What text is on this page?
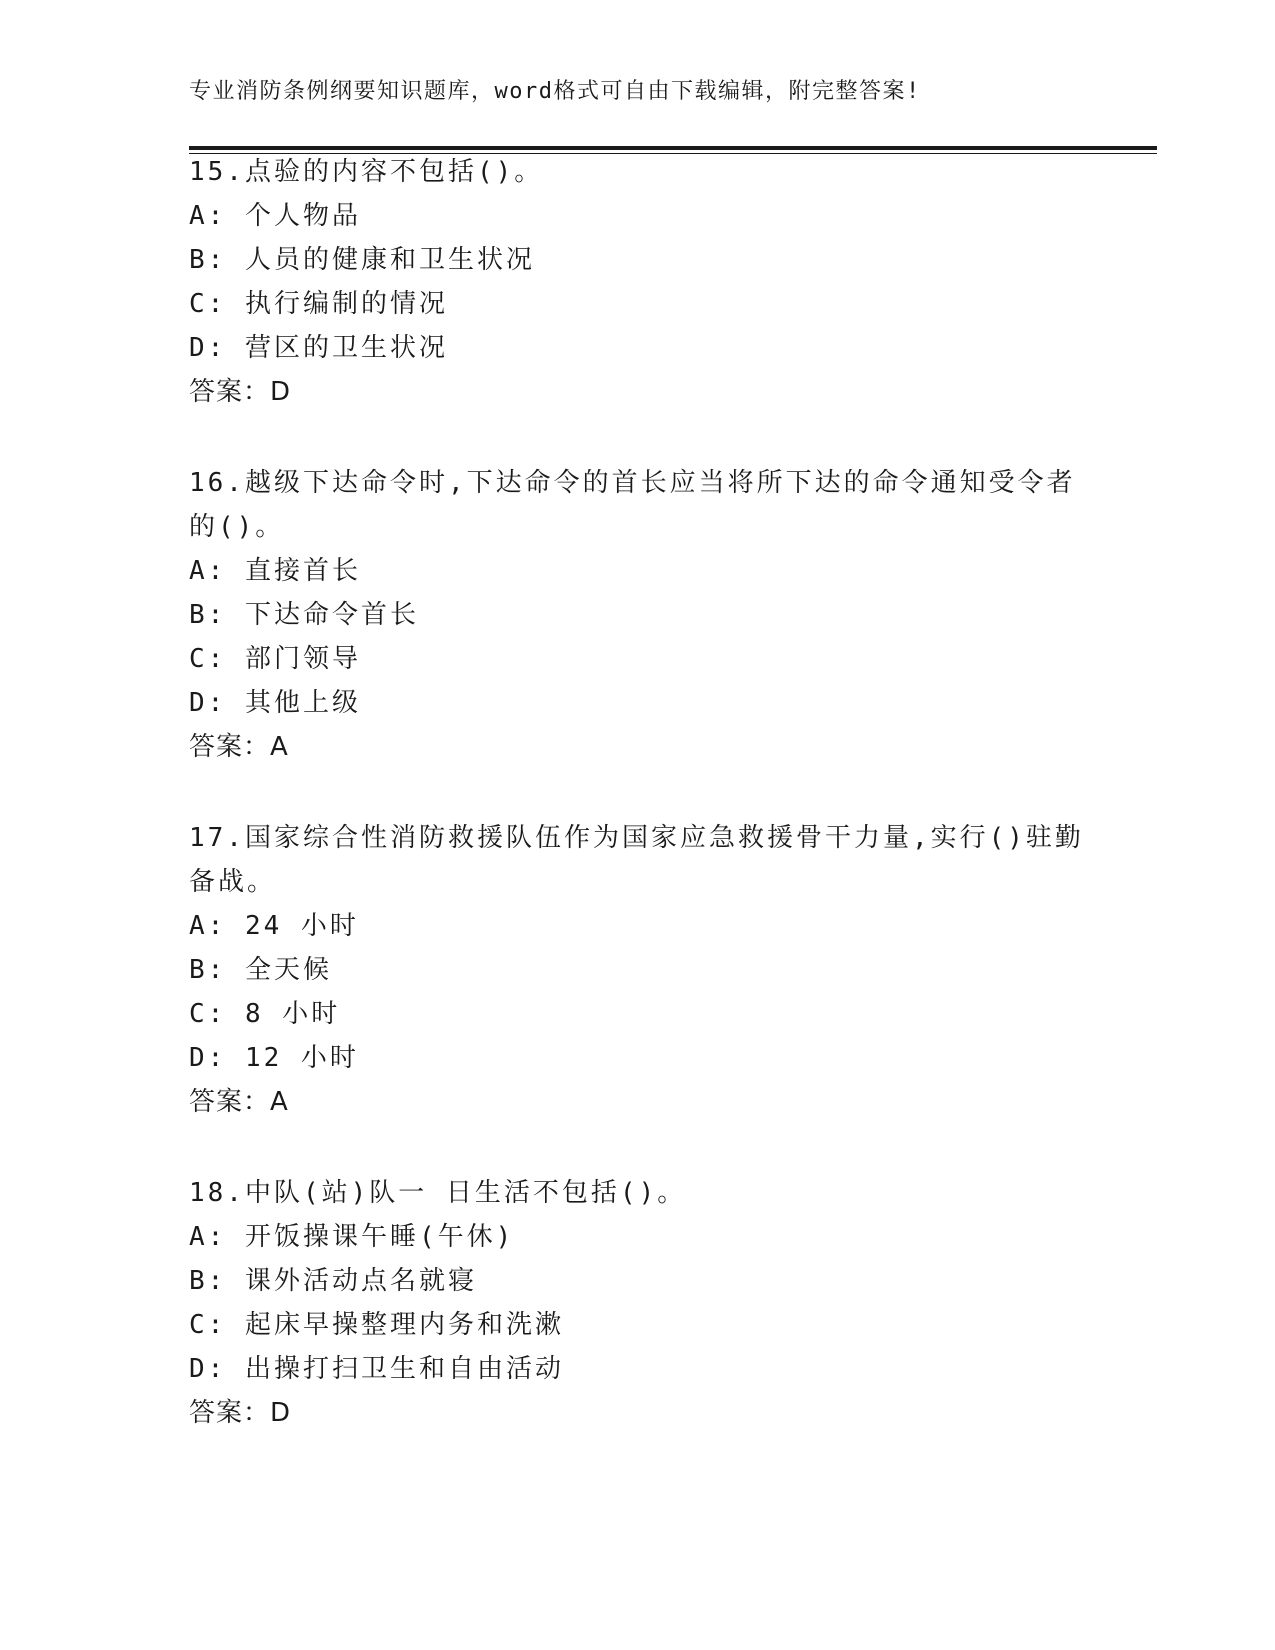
专业消防条例纲要知识题库，word格式可自由下载编辑，附完整答案!
15.点验的内容不包括()。
A: 个人物品
B: 人员的健康和卫生状况
C: 执行编制的情况
D: 营区的卫生状况
答案：D
16.越级下达命令时,下达命令的首长应当将所下达的命令通知受令者
的()。
A: 直接首长
B: 下达命令首长
C: 部门领导
D: 其他上级
答案：A
17.国家综合性消防救援队伍作为国家应急救援骨干力量,实行()驻勤
备战。
A: 24 小时
B: 全天候
C: 8 小时
D: 12 小时
答案：A
18.中队(站)队一 日生活不包括()。
A: 开饭操课午睡(午休)
B: 课外活动点名就寝
C: 起床早操整理内务和洗漱
D: 出操打扫卫生和自由活动
答案：D
